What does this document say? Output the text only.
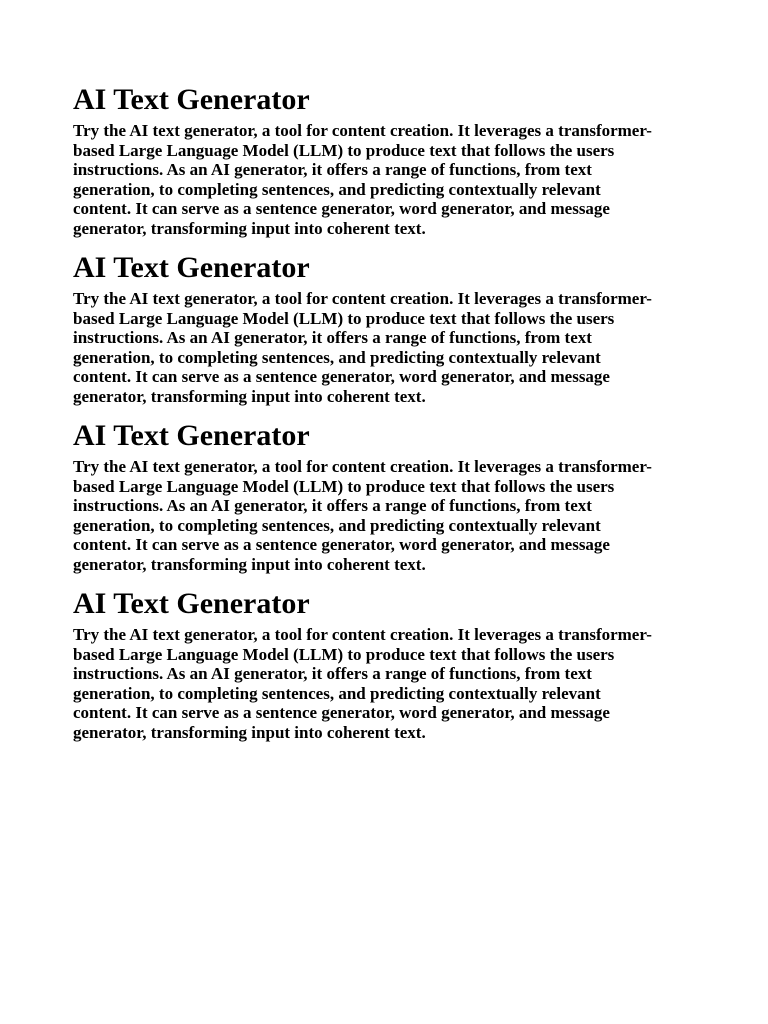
AI Text Generator

Try the AI text generator, a tool for content creation. It leverages a transformer-
based Large Language Model (LLM) to produce text that follows the users
instructions. As an AI generator, it offers a range of functions, from text
generation, to completing sentences, and predicting contextually relevant
content. It can serve as a sentence generator, word generator, and message
generator, transforming input into coherent text.

AI Text Generator

Try the AI text generator, a tool for content creation. It leverages a transformer-
based Large Language Model (LLM) to produce text that follows the users
instructions. As an AI generator, it offers a range of functions, from text
generation, to completing sentences, and predicting contextually relevant
content. It can serve as a sentence generator, word generator, and message
generator, transforming input into coherent text.

AI Text Generator

Try the AI text generator, a tool for content creation. It leverages a transformer-
based Large Language Model (LLM) to produce text that follows the users
instructions. As an AI generator, it offers a range of functions, from text
generation, to completing sentences, and predicting contextually relevant
content. It can serve as a sentence generator, word generator, and message
generator, transforming input into coherent text.

AI Text Generator

Try the AI text generator, a tool for content creation. It leverages a transformer-
based Large Language Model (LLM) to produce text that follows the users
instructions. As an AI generator, it offers a range of functions, from text
generation, to completing sentences, and predicting contextually relevant
content. It can serve as a sentence generator, word generator, and message
generator, transforming input into coherent text.
